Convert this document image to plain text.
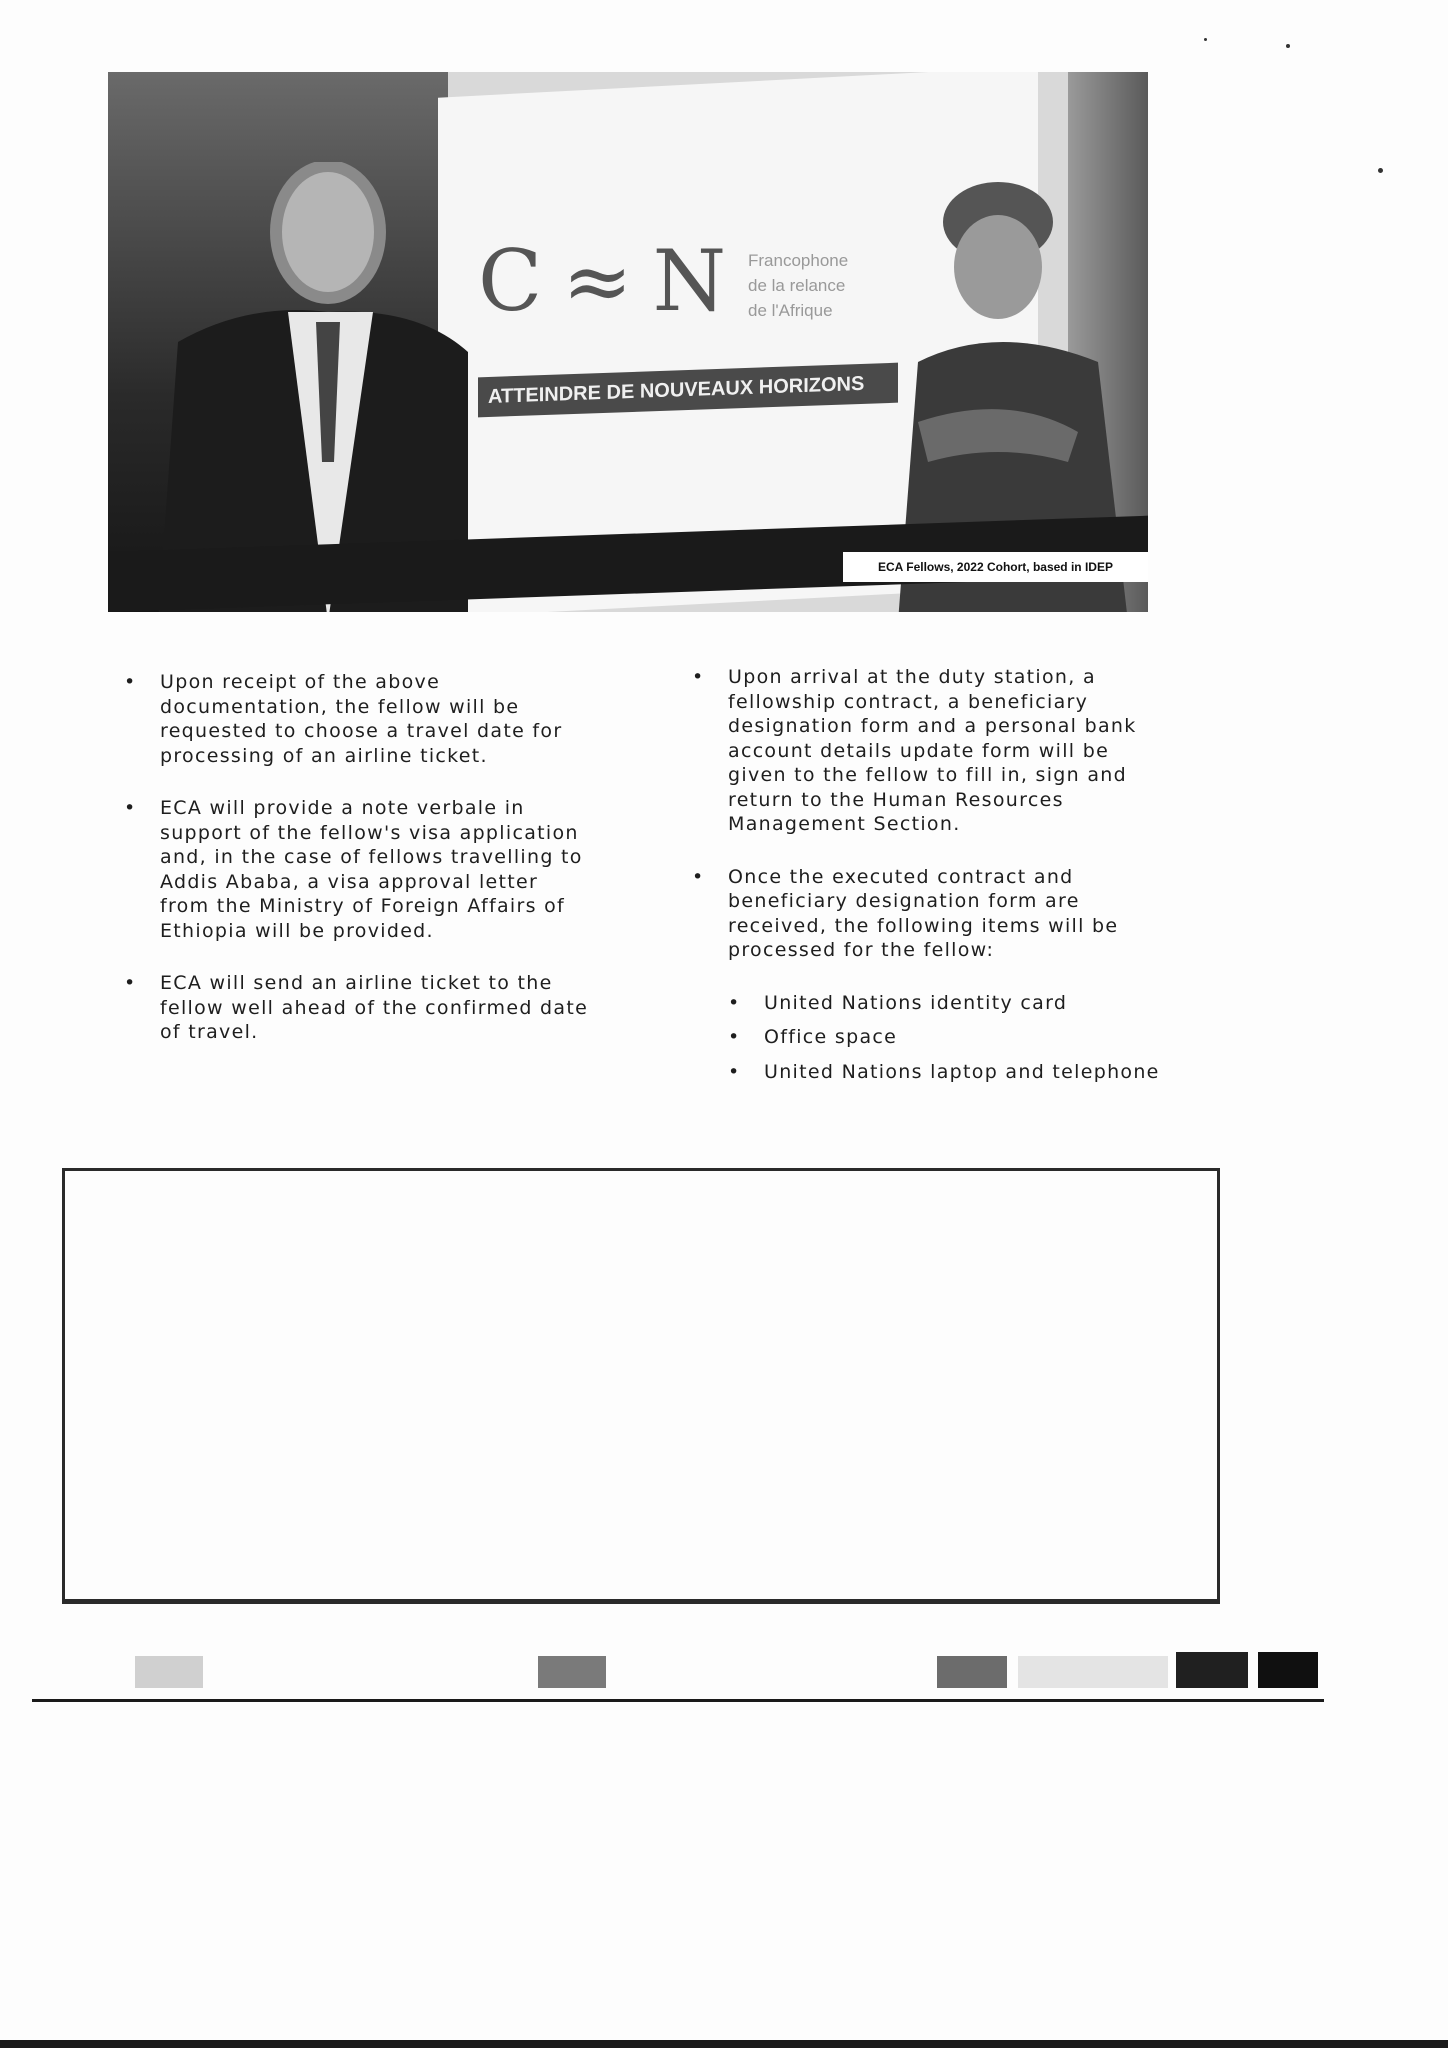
C≈N Francophone
de la relance
de l'Afrique
ATTEINDRE DE NOUVEAUX HORIZONS
ECA Fellows, 2022 Cohort, based in IDEP
• Upon receipt of the above documentation, the fellow will be requested to choose a travel date for processing of an airline ticket.
• ECA will provide a note verbale in support of the fellow's visa application and, in the case of fellows travelling to Addis Ababa, a visa approval letter from the Ministry of Foreign Affairs of Ethiopia will be provided.
• ECA will send an airline ticket to the fellow well ahead of the confirmed date of travel.
• Upon arrival at the duty station, a fellowship contract, a beneficiary designation form and a personal bank account details update form will be given to the fellow to fill in, sign and return to the Human Resources Management Section.
• Once the executed contract and beneficiary designation form are received, the following items will be processed for the fellow:
• United Nations identity card
• Office space
• United Nations laptop and telephone
